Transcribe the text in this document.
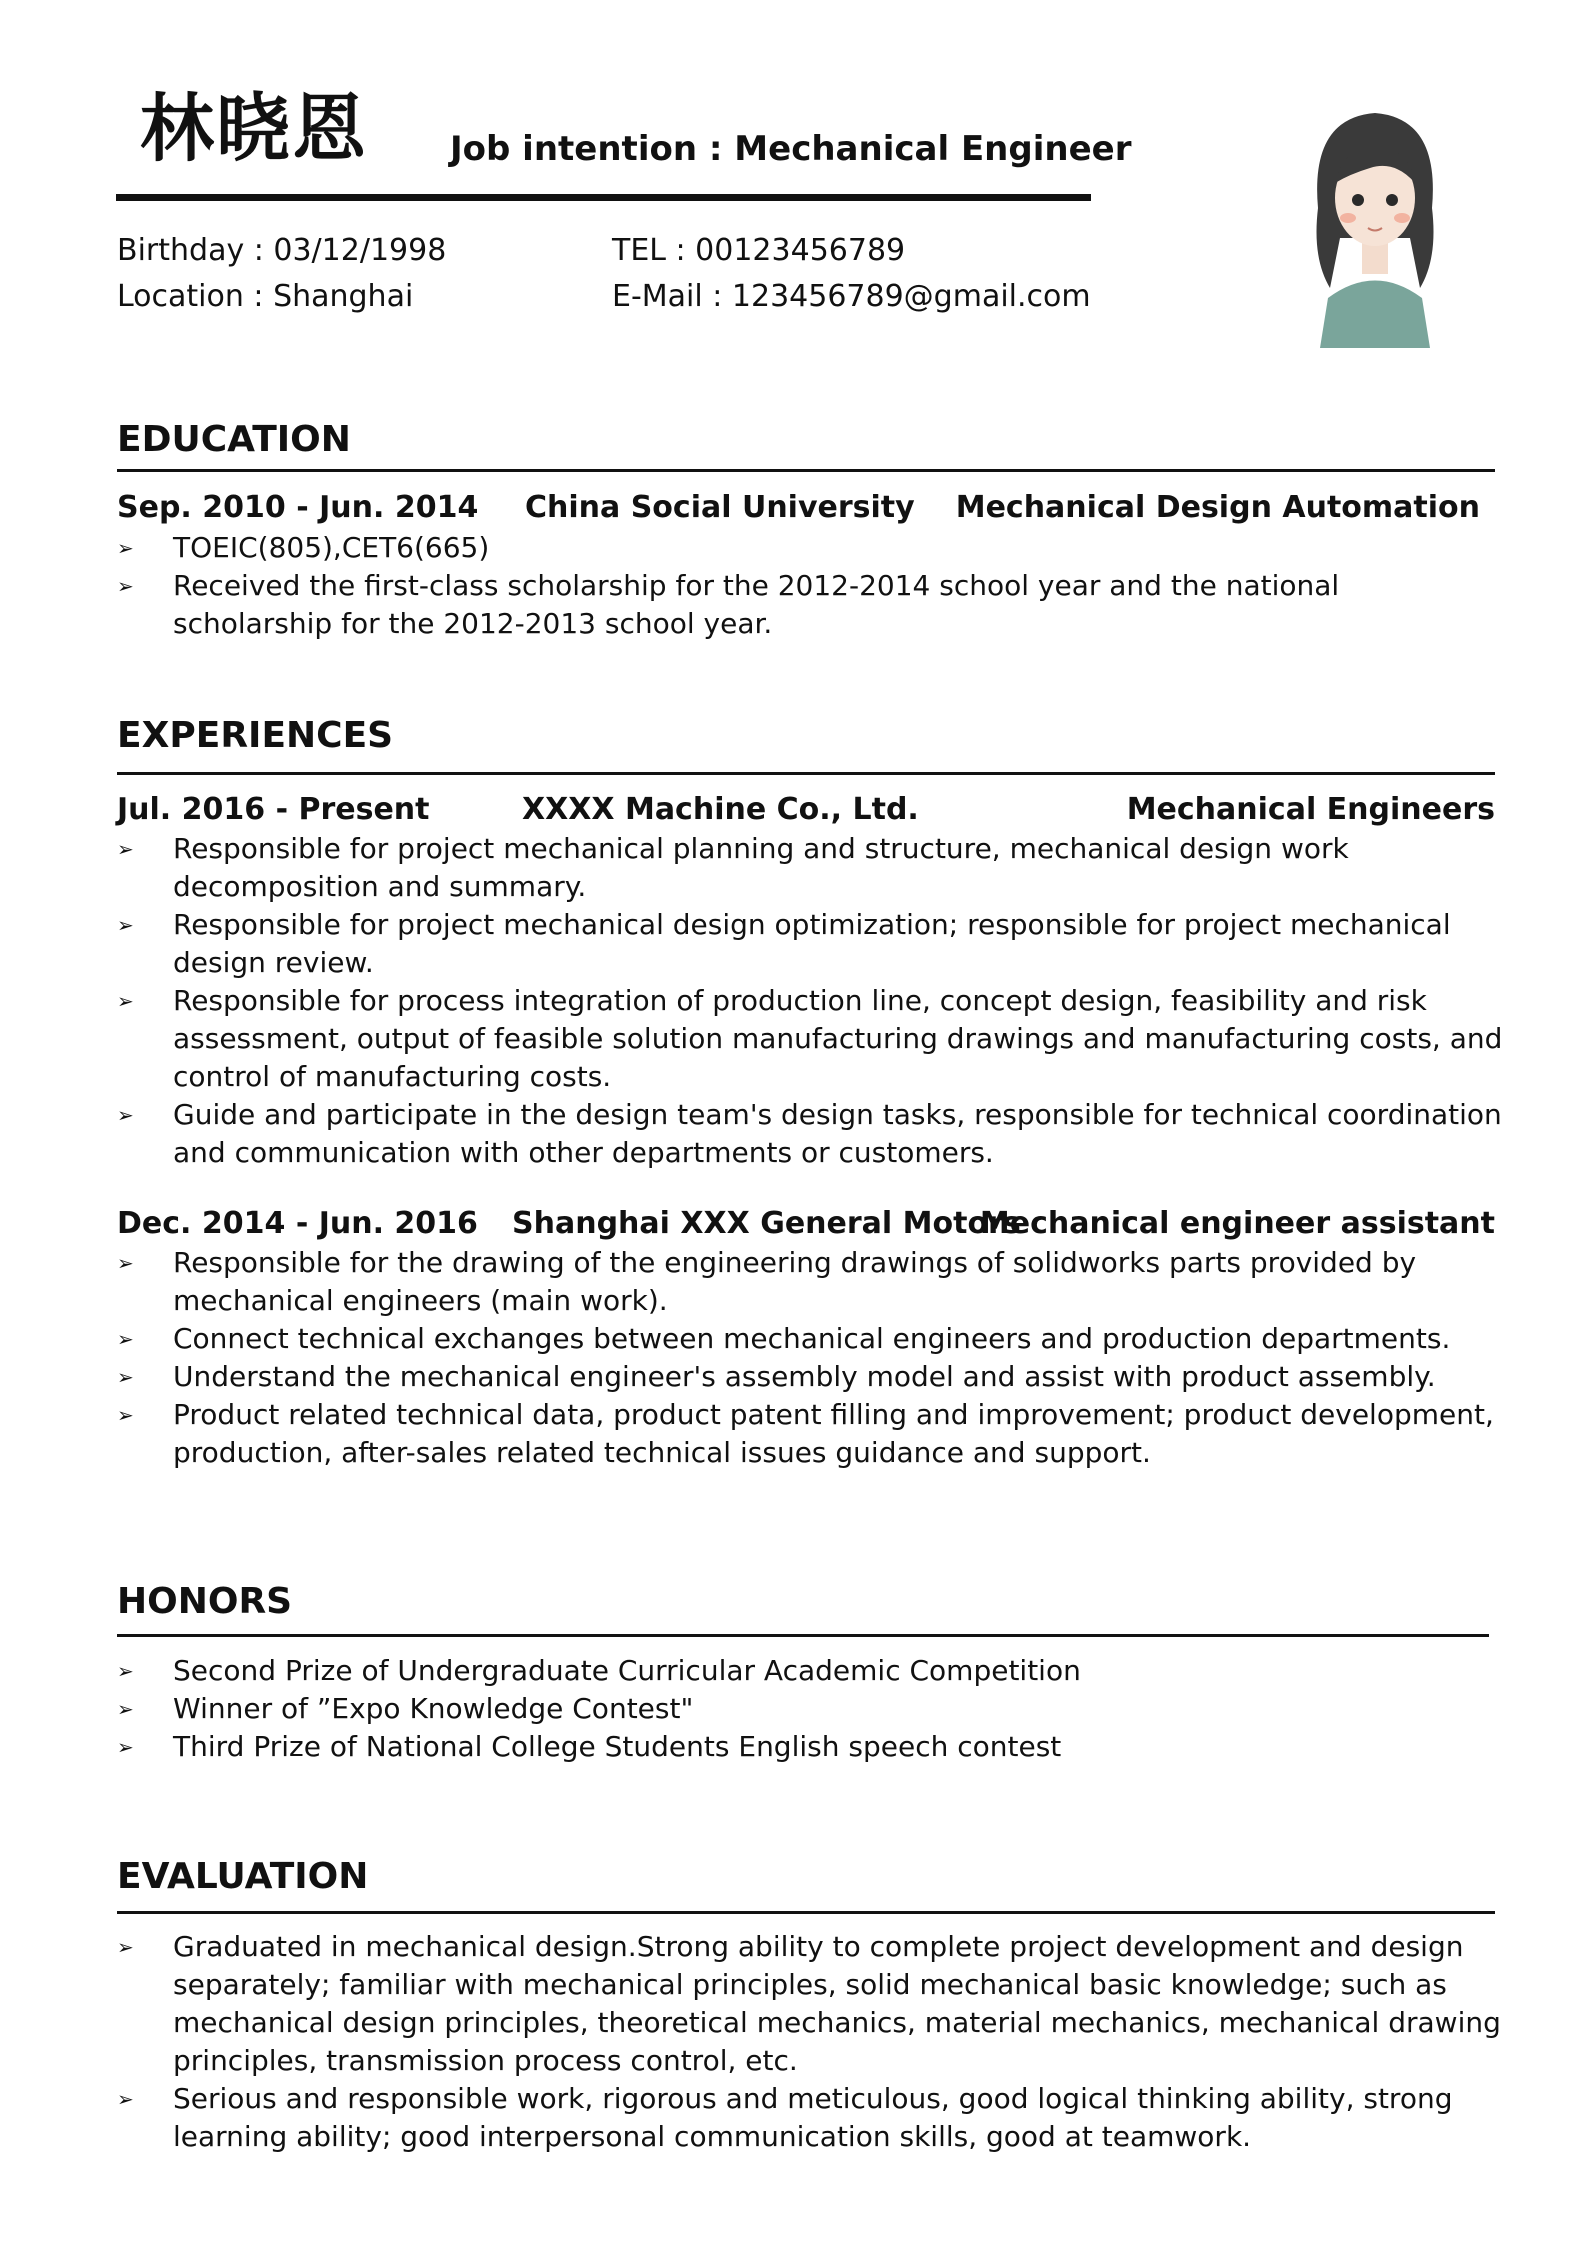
林晓恩 Job intention : Mechanical Engineer
Birthday : 03/12/1998
Location : Shanghai
TEL : 00123456789
E-Mail : 123456789@gmail.com
EDUCATION
Sep. 2010 - Jun. 2014 China Social University Mechanical Design Automation
➢ TOEIC(805),CET6(665)
➢ Received the first-class scholarship for the 2012-2014 school year and the national scholarship for the 2012-2013 school year.
EXPERIENCES
Jul. 2016 - Present	XXXX Machine Co., Ltd.	Mechanical Engineers
➢ Responsible for project mechanical planning and structure, mechanical design work decomposition and summary.
➢ Responsible for project mechanical design optimization; responsible for project mechanical design review.
➢ Responsible for process integration of production line, concept design, feasibility and risk assessment, output of feasible solution manufacturing drawings and manufacturing costs, and control of manufacturing costs.
➢ Guide and participate in the design team's design tasks, responsible for technical coordination and communication with other departments or customers.
Dec. 2014 - Jun. 2016 Shanghai XXX General Motors
Mechanical engineer assistant
➢ Responsible for the drawing of the engineering drawings of solidworks parts provided by mechanical engineers (main work).
➢ Connect technical exchanges between mechanical engineers and production departments.
➢ Understand the mechanical engineer's assembly model and assist with product assembly.
➢ Product related technical data, product patent filling and improvement; product development, production, after-sales related technical issues guidance and support.
HONORS
➢ Second Prize of Undergraduate Curricular Academic Competition
➢ Winner of ”Expo Knowledge Contest"
➢ Third Prize of National College Students English speech contest
EVALUATION
➢ Graduated in mechanical design.Strong ability to complete project development and design separately; familiar with mechanical principles, solid mechanical basic knowledge; such as mechanical design principles, theoretical mechanics, material mechanics, mechanical drawing principles, transmission process control, etc.
➢ Serious and responsible work, rigorous and meticulous, good logical thinking ability, strong learning ability; good interpersonal communication skills, good at teamwork.
